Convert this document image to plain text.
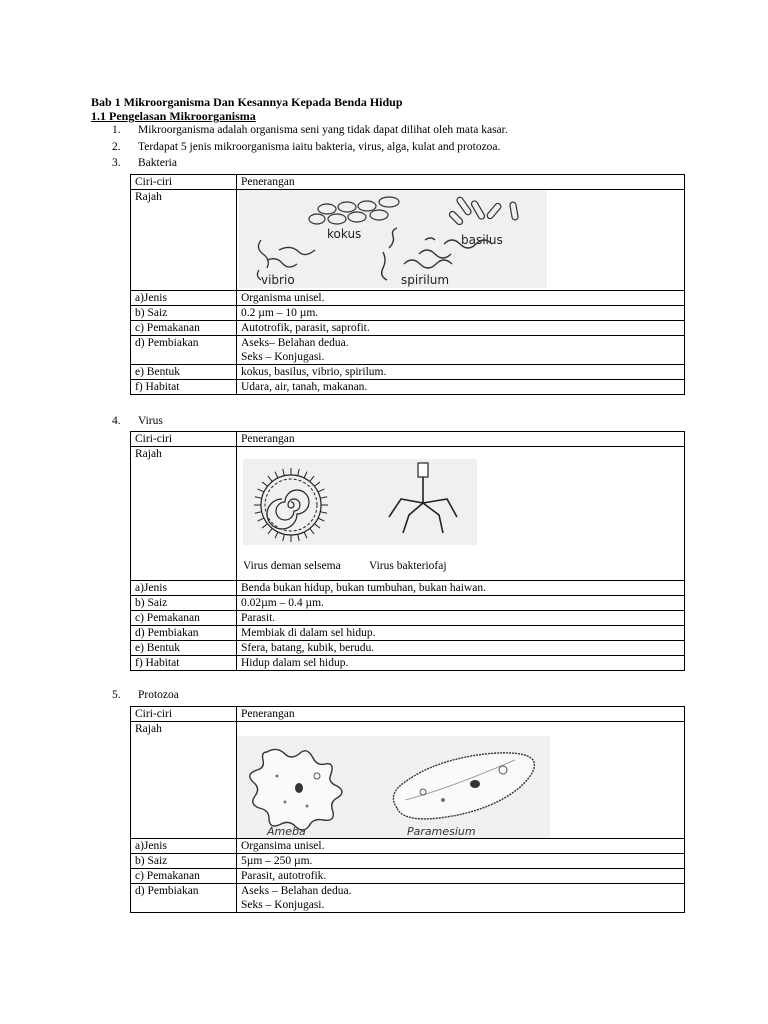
Bab 1 Mikroorganisma Dan Kesannya Kepada Benda Hidup
1.1 Pengelasan Mikroorganisma
1. Mikroorganisma adalah organisma seni yang tidak dapat dilihat oleh mata kasar.
2. Terdapat 5 jenis mikroorganisma iaitu bakteria, virus, alga, kulat and protozoa.
3. Bakteria
Ciri-ciri	Penerangan
Rajah	kokus basilus
vibrio spirilum

a)Jenis	Organisma unisel.
b) Saiz	0.2 µm – 10 µm.
c) Pemakanan	Autotrofik, parasit, saprofit.
d) Pembiakan	Aseks– Belahan dedua.
Seks – Konjugasi.

e) Bentuk	kokus, basilus, vibrio, spirilum.
f) Habitat	Udara, air, tanah, makanan.
4. Virus
Ciri-ciri	Penerangan
Rajah	Virus deman selsema Virus bakteriofaj

a)Jenis	Benda bukan hidup, bukan tumbuhan, bukan haiwan.
b) Saiz	0.02µm – 0.4 µm.
c) Pemakanan	Parasit.
d) Pembiakan	Membiak di dalam sel hidup.
e) Bentuk	Sfera, batang, kubik, berudu.
f) Habitat	Hidup dalam sel hidup.
5. Protozoa
Ciri-ciri	Penerangan
Rajah	Ameba Paramesium

a)Jenis	Organsima unisel.
b) Saiz	5µm – 250 µm.
c) Pemakanan	Parasit, autotrofik.
d) Pembiakan	Aseks – Belahan dedua.
Seks – Konjugasi.
